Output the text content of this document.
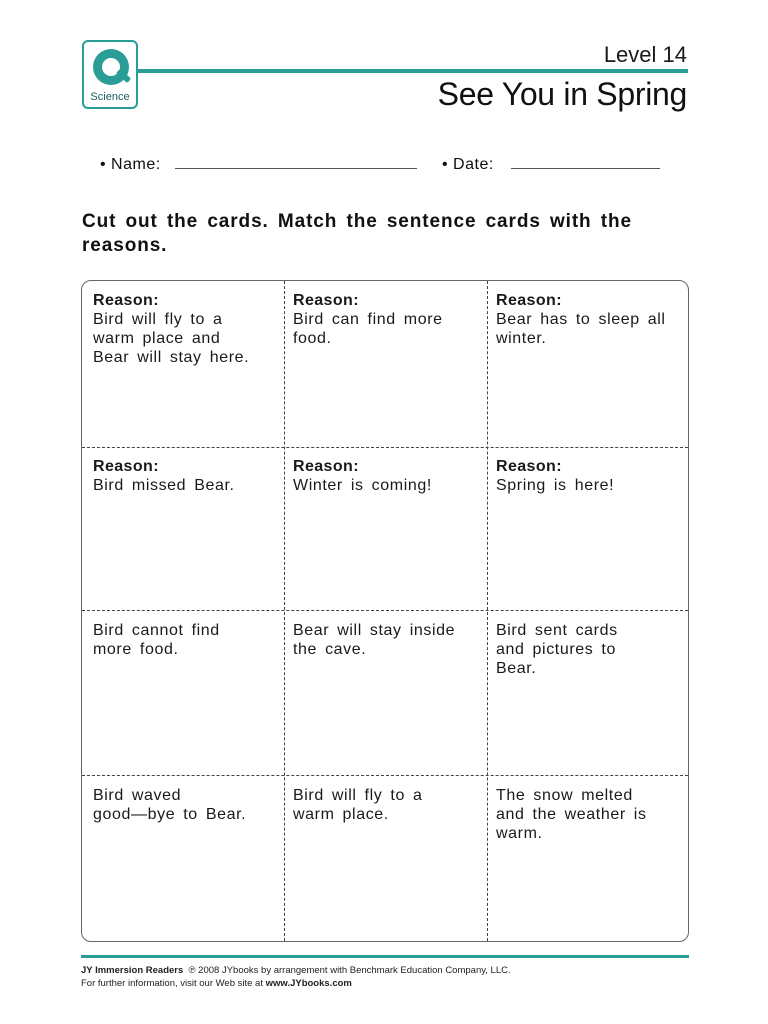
Science
Level 14
See You in Spring
• Name:	• Date:
Cut out the cards. Match the sentence cards with the reasons.
Reason:
Bird will fly to a
warm place and
Bear will stay here.
Reason:
Bird can find more
food.
Reason:
Bear has to sleep all
winter.
Reason:
Bird missed Bear.
Reason:
Winter is coming!
Reason:
Spring is here!
Bird cannot find
more food.
Bear will stay inside
the cave.
Bird sent cards
and pictures to
Bear.
Bird waved
good—bye to Bear.
Bird will fly to a
warm place.
The snow melted
and the weather is
warm.
JY Immersion Readers ℗ 2008 JYbooks by arrangement with Benchmark Education Company, LLC.
For further information, visit our Web site at www.JYbooks.com
